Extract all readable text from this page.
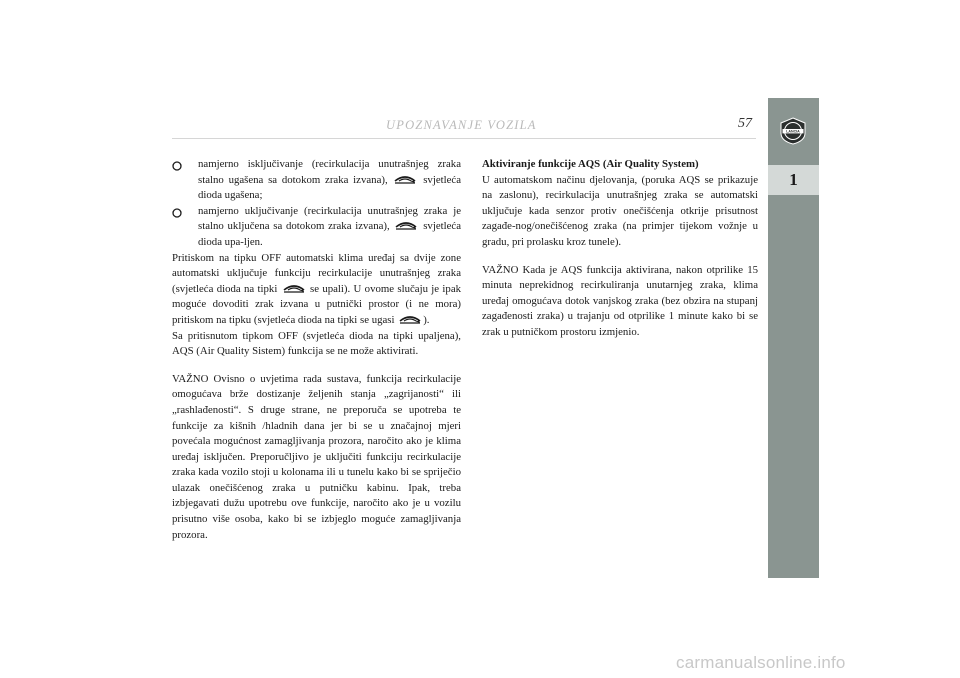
UPOZNAVANJE VOZILA	57
LANCIA
1

namjerno isključivanje (recirkulacija unutrašnjeg zraka stalno ugašena sa dotokom zraka izvana),	svjetleća dioda ugašena;

namjerno uključivanje (recirkulacija unutrašnjeg zraka je stalno uključena sa dotokom zraka izvana),	svjetleća dioda upa-ljen.

Pritiskom na tipku OFF automatski klima uređaj sa dvije zone automatski uključuje funkciju recirkulacije unutrašnjeg zraka (svjetleća dioda na tipki	se upali). U ovome slučaju je ipak moguće dovoditi zrak izvana u putnički prostor (i ne mora) pritiskom na tipku (svjetleća dioda na tipki se ugasi	).

Sa pritisnutom tipkom OFF (svjetleća dioda na tipki upaljena), AQS (Air Quality Sistem) funkcija se ne može aktivirati.

VAŽNO Ovisno o uvjetima rada sustava, funkcija recirkulacije omogućava brže dostizanje željenih stanja „zagrijanosti“ ili „rashlađenosti“. S druge strane, ne preporuča se upotreba te funkcije za kišnih /hladnih dana jer bi se u značajnoj mjeri povećala mogućnost zamagljivanja prozora, naročito ako je klima uređaj isključen. Preporučljivo je uključiti funkciju recirkulacije zraka kada vozilo stoji u kolonama ili u tunelu kako bi se spriječio ulazak onečišćenog zraka u putničku kabinu. Ipak, treba izbjegavati dužu upotrebu ove funkcije, naročito ako je u vozilu prisutno više osoba, kako bi se izbjeglo moguće zamagljivanja prozora.

Aktiviranje funkcije AQS (Air Quality System)

U automatskom načinu djelovanja, (poruka AQS se prikazuje na zaslonu), recirkulacija unutrašnjeg zraka se automatski uključuje kada senzor protiv onečišćenja otkrije prisutnost zagađe-nog/onečišćenog zraka (na primjer tijekom vožnje u gradu, pri prolasku kroz tunele).

VAŽNO Kada je AQS funkcija aktivirana, nakon otprilike 15 minuta neprekidnog recirkuliranja unutarnjeg zraka, klima uređaj omogućava dotok vanjskog zraka (bez obzira na stupanj zagađenosti zraka) u trajanju od otprilike 1 minute kako bi se zrak u putničkom prostoru izmjenio.

carmanualsonline.info
